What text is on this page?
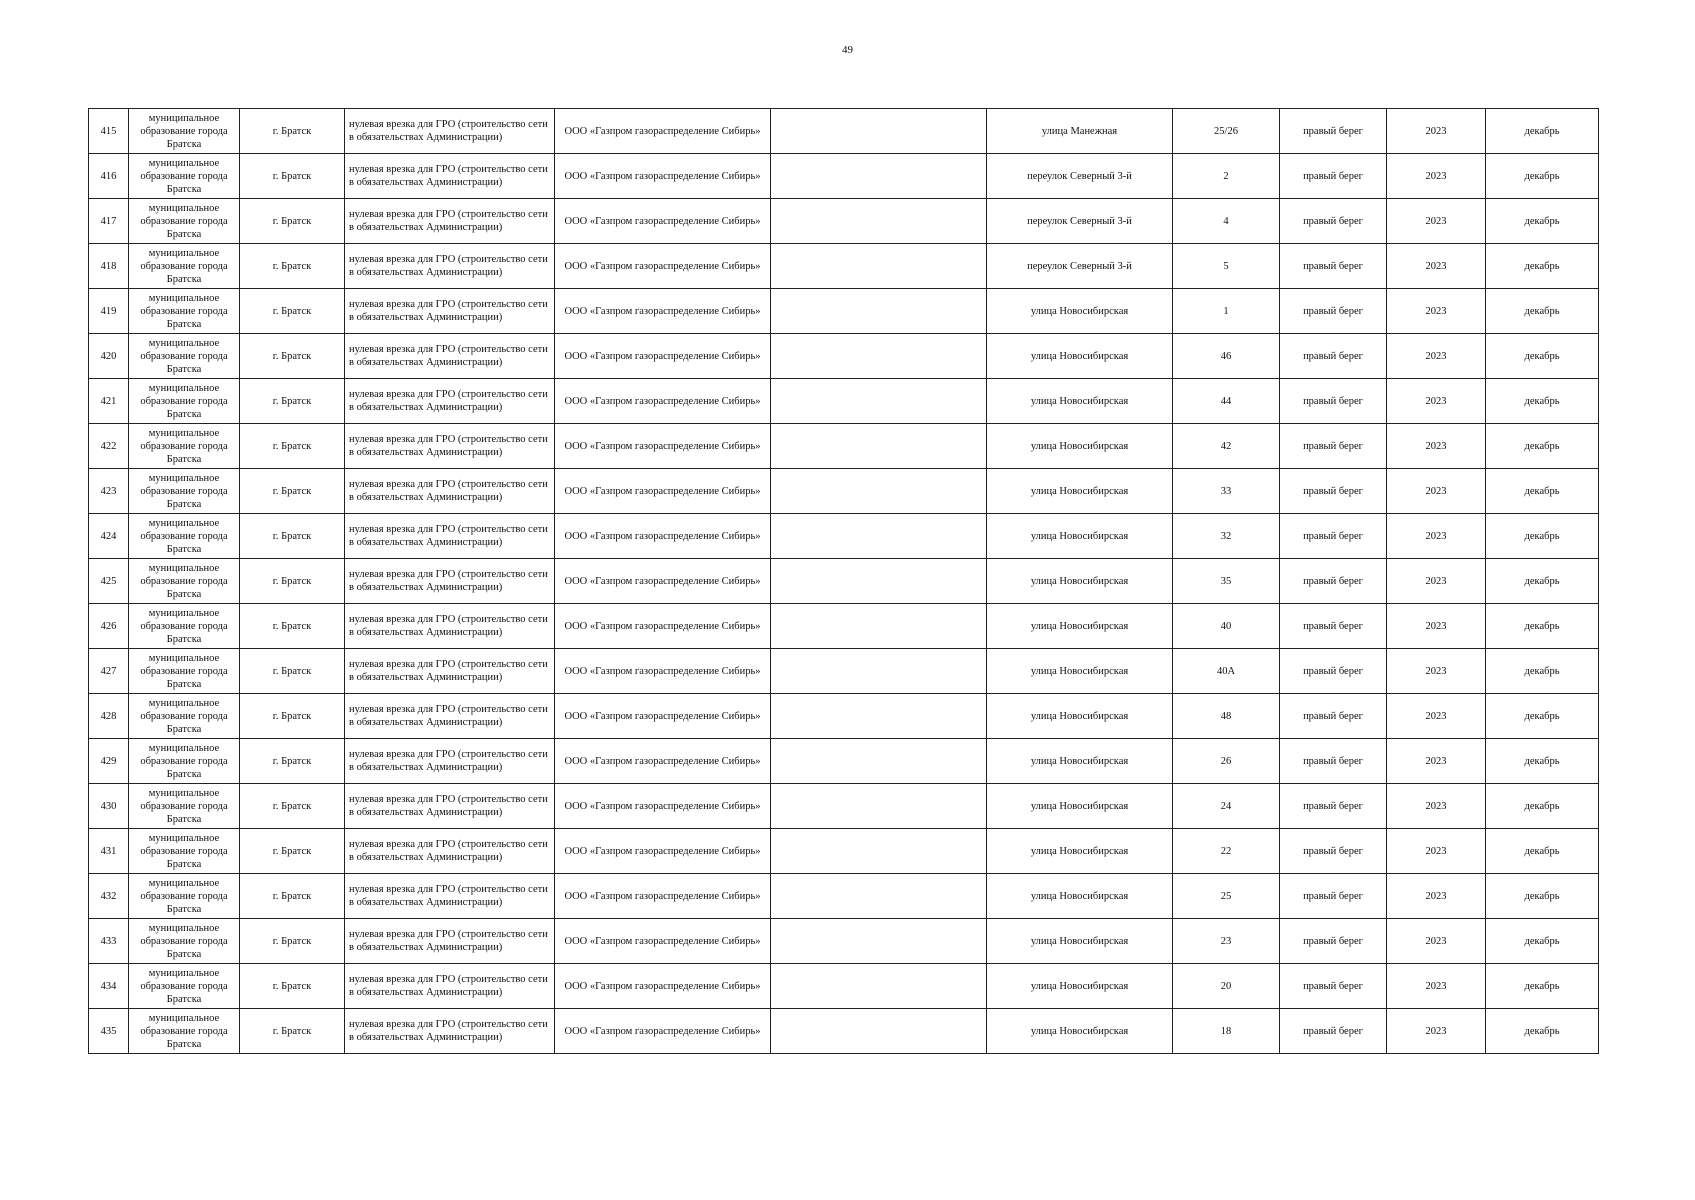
49
415	муниципальное образование города Братска	г. Братск	нулевая врезка для ГРО (строительство сети в обязательствах Администрации)	ООО «Газпром газораспределение Сибирь»		улица Манежная	25/26	правый берег	2023	декабрь
416	муниципальное образование города Братска	г. Братск	нулевая врезка для ГРО (строительство сети в обязательствах Администрации)	ООО «Газпром газораспределение Сибирь»		переулок Северный 3-й	2	правый берег	2023	декабрь
417	муниципальное образование города Братска	г. Братск	нулевая врезка для ГРО (строительство сети в обязательствах Администрации)	ООО «Газпром газораспределение Сибирь»		переулок Северный 3-й	4	правый берег	2023	декабрь
418	муниципальное образование города Братска	г. Братск	нулевая врезка для ГРО (строительство сети в обязательствах Администрации)	ООО «Газпром газораспределение Сибирь»		переулок Северный 3-й	5	правый берег	2023	декабрь
419	муниципальное образование города Братска	г. Братск	нулевая врезка для ГРО (строительство сети в обязательствах Администрации)	ООО «Газпром газораспределение Сибирь»		улица Новосибирская	1	правый берег	2023	декабрь
420	муниципальное образование города Братска	г. Братск	нулевая врезка для ГРО (строительство сети в обязательствах Администрации)	ООО «Газпром газораспределение Сибирь»		улица Новосибирская	46	правый берег	2023	декабрь
421	муниципальное образование города Братска	г. Братск	нулевая врезка для ГРО (строительство сети в обязательствах Администрации)	ООО «Газпром газораспределение Сибирь»		улица Новосибирская	44	правый берег	2023	декабрь
422	муниципальное образование города Братска	г. Братск	нулевая врезка для ГРО (строительство сети в обязательствах Администрации)	ООО «Газпром газораспределение Сибирь»		улица Новосибирская	42	правый берег	2023	декабрь
423	муниципальное образование города Братска	г. Братск	нулевая врезка для ГРО (строительство сети в обязательствах Администрации)	ООО «Газпром газораспределение Сибирь»		улица Новосибирская	33	правый берег	2023	декабрь
424	муниципальное образование города Братска	г. Братск	нулевая врезка для ГРО (строительство сети в обязательствах Администрации)	ООО «Газпром газораспределение Сибирь»		улица Новосибирская	32	правый берег	2023	декабрь
425	муниципальное образование города Братска	г. Братск	нулевая врезка для ГРО (строительство сети в обязательствах Администрации)	ООО «Газпром газораспределение Сибирь»		улица Новосибирская	35	правый берег	2023	декабрь
426	муниципальное образование города Братска	г. Братск	нулевая врезка для ГРО (строительство сети в обязательствах Администрации)	ООО «Газпром газораспределение Сибирь»		улица Новосибирская	40	правый берег	2023	декабрь
427	муниципальное образование города Братска	г. Братск	нулевая врезка для ГРО (строительство сети в обязательствах Администрации)	ООО «Газпром газораспределение Сибирь»		улица Новосибирская	40А	правый берег	2023	декабрь
428	муниципальное образование города Братска	г. Братск	нулевая врезка для ГРО (строительство сети в обязательствах Администрации)	ООО «Газпром газораспределение Сибирь»		улица Новосибирская	48	правый берег	2023	декабрь
429	муниципальное образование города Братска	г. Братск	нулевая врезка для ГРО (строительство сети в обязательствах Администрации)	ООО «Газпром газораспределение Сибирь»		улица Новосибирская	26	правый берег	2023	декабрь
430	муниципальное образование города Братска	г. Братск	нулевая врезка для ГРО (строительство сети в обязательствах Администрации)	ООО «Газпром газораспределение Сибирь»		улица Новосибирская	24	правый берег	2023	декабрь
431	муниципальное образование города Братска	г. Братск	нулевая врезка для ГРО (строительство сети в обязательствах Администрации)	ООО «Газпром газораспределение Сибирь»		улица Новосибирская	22	правый берег	2023	декабрь
432	муниципальное образование города Братска	г. Братск	нулевая врезка для ГРО (строительство сети в обязательствах Администрации)	ООО «Газпром газораспределение Сибирь»		улица Новосибирская	25	правый берег	2023	декабрь
433	муниципальное образование города Братска	г. Братск	нулевая врезка для ГРО (строительство сети в обязательствах Администрации)	ООО «Газпром газораспределение Сибирь»		улица Новосибирская	23	правый берег	2023	декабрь
434	муниципальное образование города Братска	г. Братск	нулевая врезка для ГРО (строительство сети в обязательствах Администрации)	ООО «Газпром газораспределение Сибирь»		улица Новосибирская	20	правый берег	2023	декабрь
435	муниципальное образование города Братска	г. Братск	нулевая врезка для ГРО (строительство сети в обязательствах Администрации)	ООО «Газпром газораспределение Сибирь»		улица Новосибирская	18	правый берег	2023	декабрь
